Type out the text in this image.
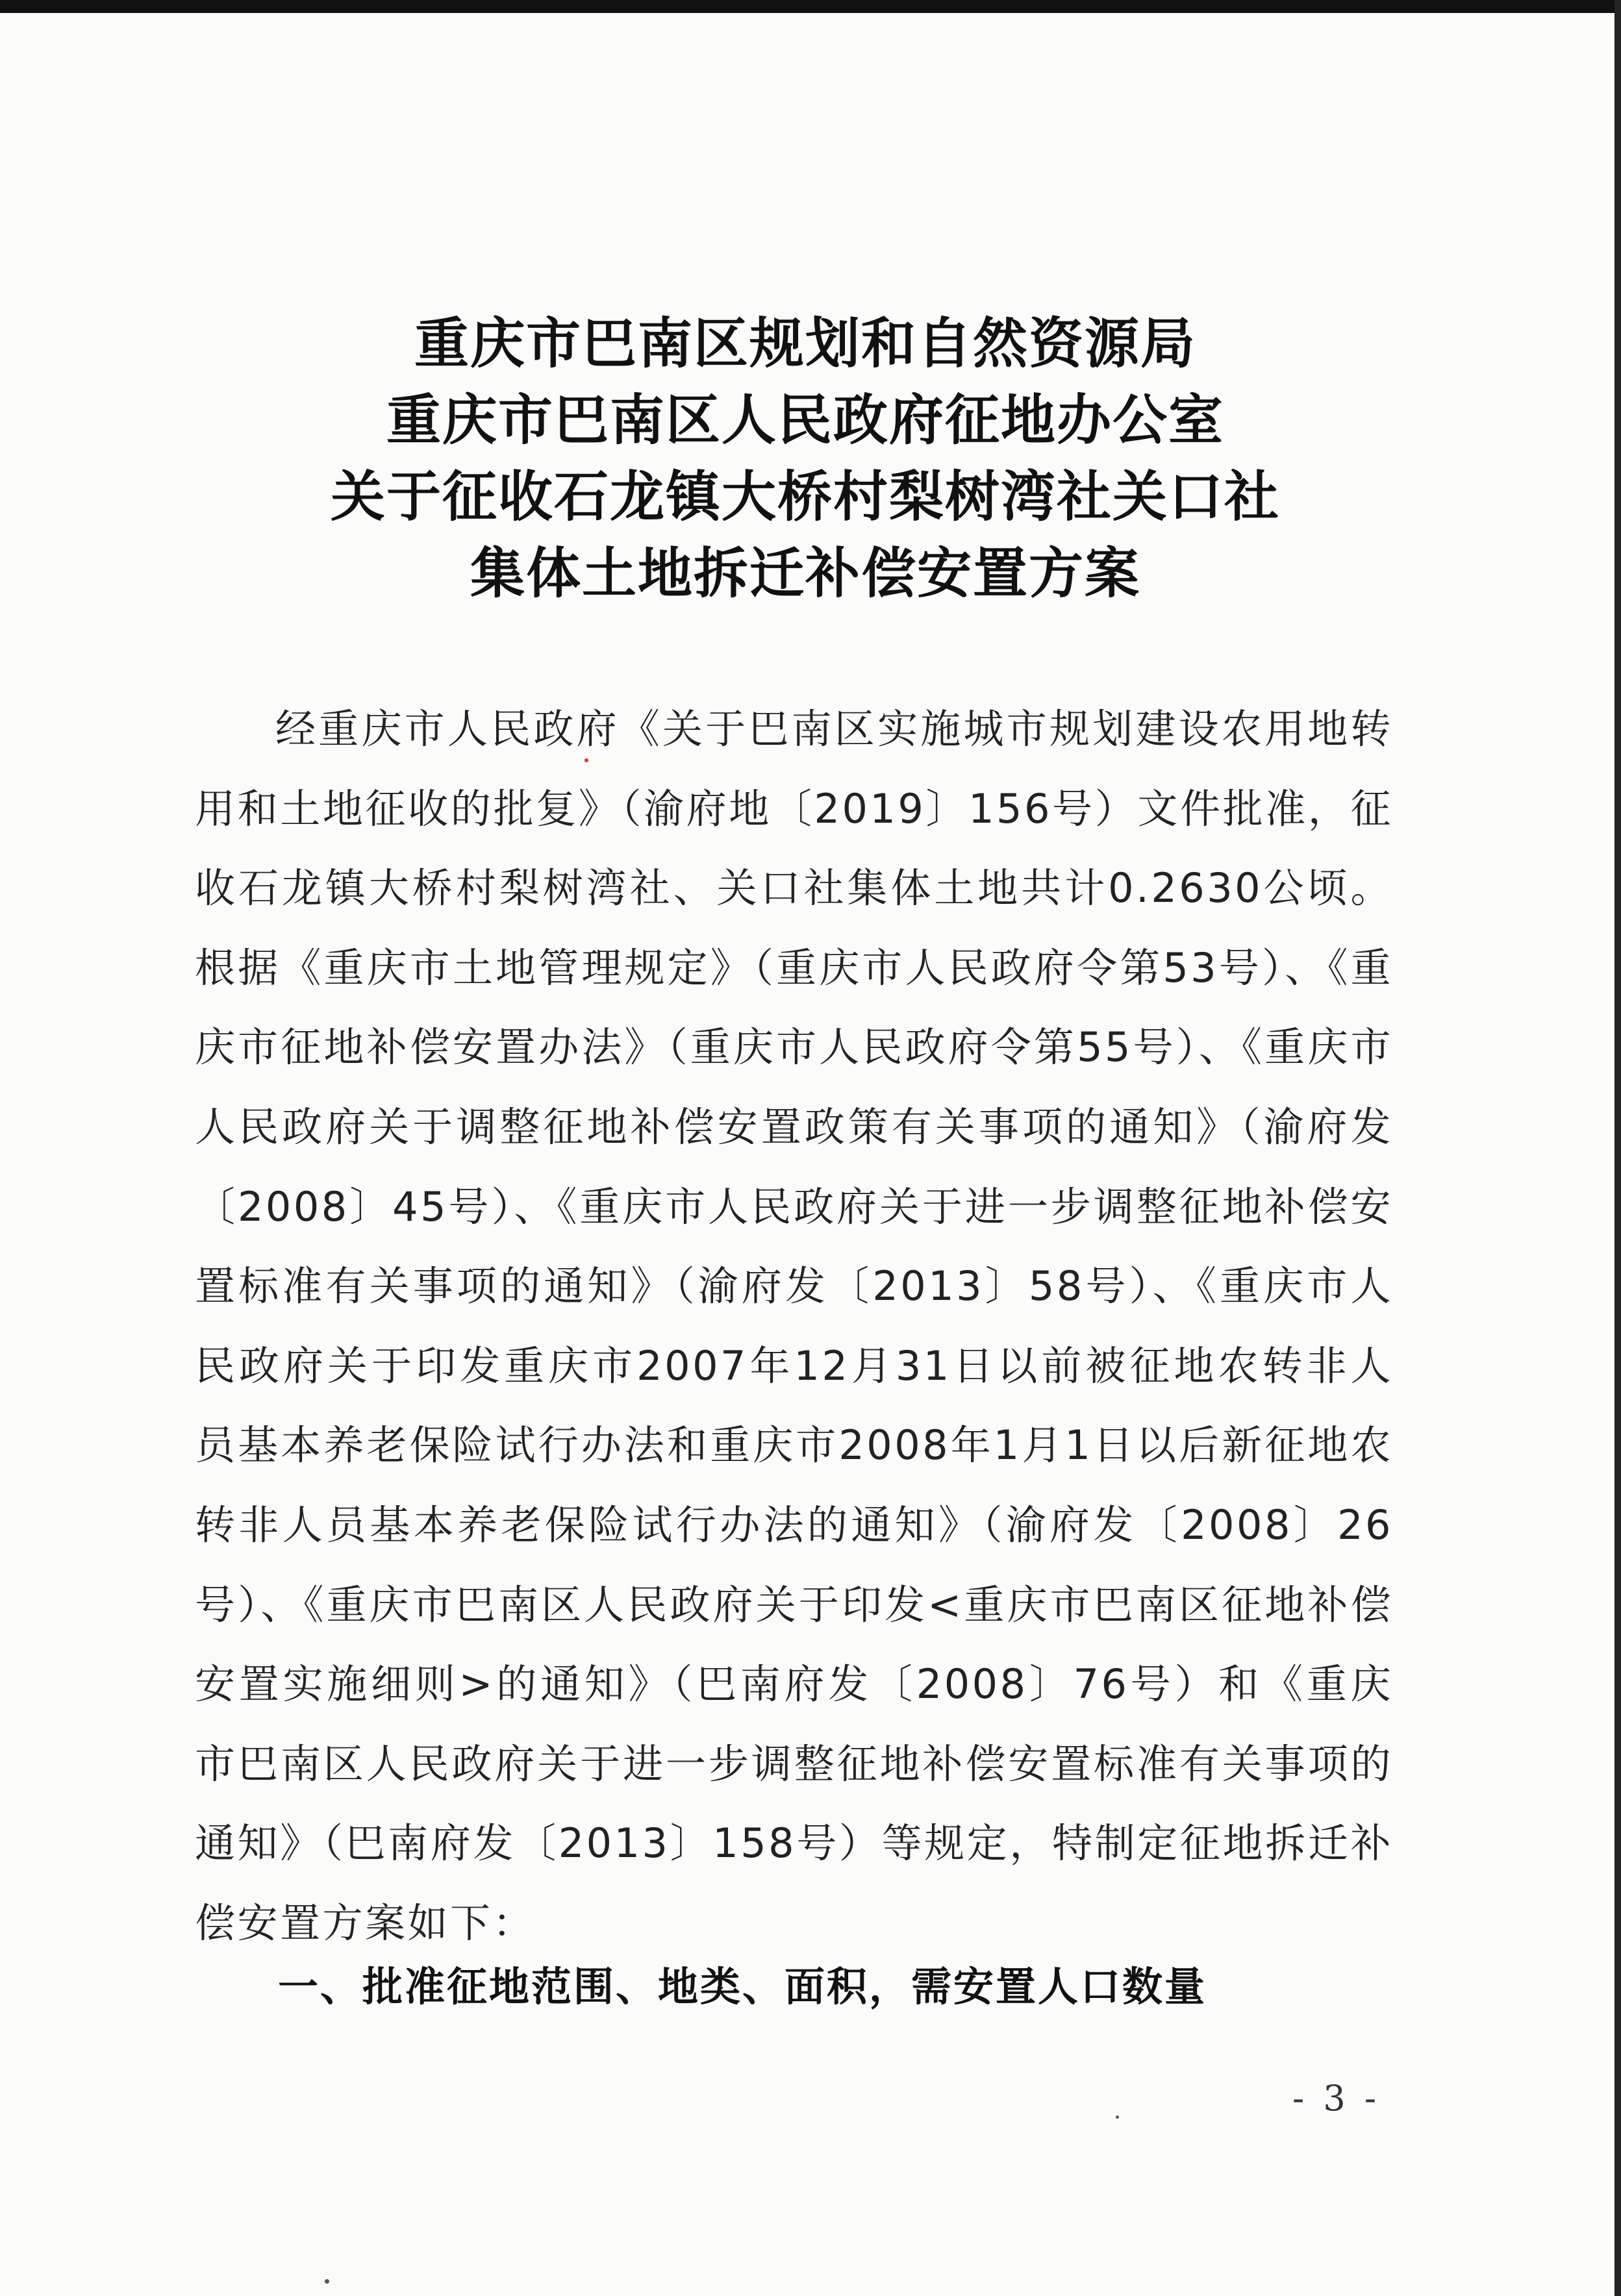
重庆市巴南区规划和自然资源局
重庆市巴南区人民政府征地办公室
关于征收石龙镇大桥村梨树湾社关口社
集体土地拆迁补偿安置方案

经重庆市人民政府《关于巴南区实施城市规划建设农用地转用和土地征收的批复》（渝府地〔2019〕156号）文件批准，征收石龙镇大桥村梨树湾社、关口社集体土地共计0.2630公顷。根据《重庆市土地管理规定》（重庆市人民政府令第53号）、《重庆市征地补偿安置办法》（重庆市人民政府令第55号）、《重庆市人民政府关于调整征地补偿安置政策有关事项的通知》（渝府发〔2008〕45号）、《重庆市人民政府关于进一步调整征地补偿安置标准有关事项的通知》（渝府发〔2013〕58号）、《重庆市人民政府关于印发重庆市2007年12月31日以前被征地农转非人员基本养老保险试行办法和重庆市2008年1月1日以后新征地农转非人员基本养老保险试行办法的通知》（渝府发〔2008〕26号）、《重庆市巴南区人民政府关于印发<重庆市巴南区征地补偿安置实施细则>的通知》（巴南府发〔2008〕76号）和《重庆市巴南区人民政府关于进一步调整征地补偿安置标准有关事项的通知》（巴南府发〔2013〕158号）等规定，特制定征地拆迁补偿安置方案如下：

一、批准征地范围、地类、面积，需安置人口数量
- 3 -
